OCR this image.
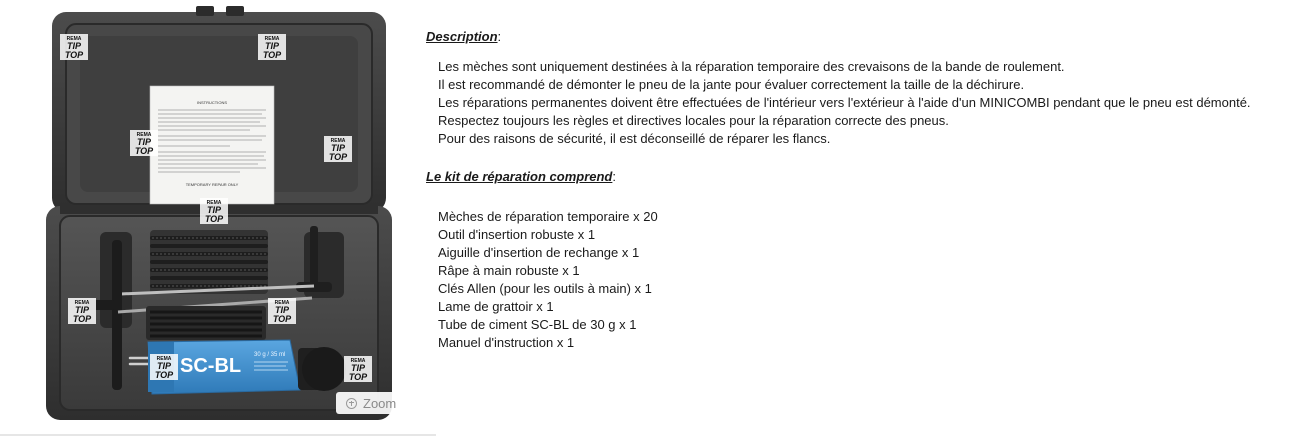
INSTRUCTIONS
TEMPORARY REPAIR ONLY
SC-BL 30 g / 35 ml
REMA
TIP
TOP
REMA
TIP
TOP
REMA
TIP
TOP
REMA
TIP
TOP
REMA
TIP
TOP
REMA
TIP
TOP
REMA
TIP
TOP
REMA
TIP
TOP
REMA
TIP
TOP
Zoom
Description:

Les mèches sont uniquement destinées à la réparation temporaire des crevaisons de la bande de roulement.

Il est recommandé de démonter le pneu de la jante pour évaluer correctement la taille de la déchirure.

Les réparations permanentes doivent être effectuées de l'intérieur vers l'extérieur à l'aide d'un MINICOMBI pendant que le pneu est démonté.

Respectez toujours les règles et directives locales pour la réparation correcte des pneus.

Pour des raisons de sécurité, il est déconseillé de réparer les flancs.

Le kit de réparation comprend:
Mèches de réparation temporaire x 20
Outil d'insertion robuste x 1
Aiguille d'insertion de rechange x 1
Râpe à main robuste x 1
Clés Allen (pour les outils à main) x 1
Lame de grattoir x 1
Tube de ciment SC-BL de 30 g x 1
Manuel d'instruction x 1
